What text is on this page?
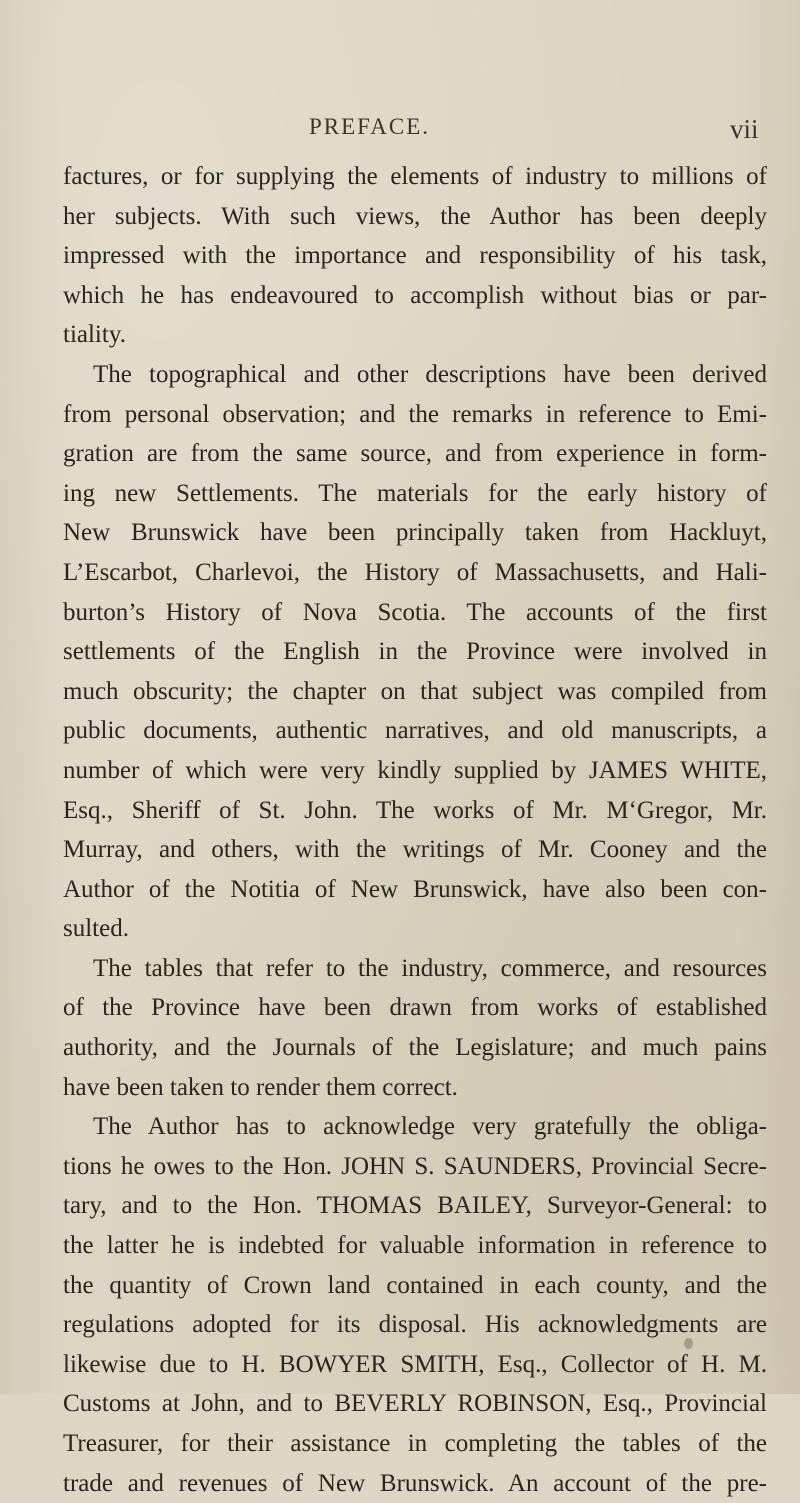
PREFACE.	vii
factures, or for supplying the elements of industry to millions of
her subjects. With such views, the Author has been deeply
impressed with the importance and responsibility of his task,
which he has endeavoured to accomplish without bias or par-
tiality.
The topographical and other descriptions have been derived
from personal observation; and the remarks in reference to Emi-
gration are from the same source, and from experience in form-
ing new Settlements. The materials for the early history of
New Brunswick have been principally taken from Hackluyt,
L’Escarbot, Charlevoi, the History of Massachusetts, and Hali-
burton’s History of Nova Scotia. The accounts of the first
settlements of the English in the Province were involved in
much obscurity; the chapter on that subject was compiled from
public documents, authentic narratives, and old manuscripts, a
number of which were very kindly supplied by JAMES WHITE,
Esq., Sheriff of St. John. The works of Mr. M‘Gregor, Mr.
Murray, and others, with the writings of Mr. Cooney and the
Author of the Notitia of New Brunswick, have also been con-
sulted.
The tables that refer to the industry, commerce, and resources
of the Province have been drawn from works of established
authority, and the Journals of the Legislature; and much pains
have been taken to render them correct.
The Author has to acknowledge very gratefully the obliga-
tions he owes to the Hon. JOHN S. SAUNDERS, Provincial Secre-
tary, and to the Hon. THOMAS BAILEY, Surveyor-General: to
the latter he is indebted for valuable information in reference to
the quantity of Crown land contained in each county, and the
regulations adopted for its disposal. His acknowledgments are
likewise due to H. BOWYER SMITH, Esq., Collector of H. M.
Customs at John, and to BEVERLY ROBINSON, Esq., Provincial
Treasurer, for their assistance in completing the tables of the
trade and revenues of New Brunswick. An account of the pre-
